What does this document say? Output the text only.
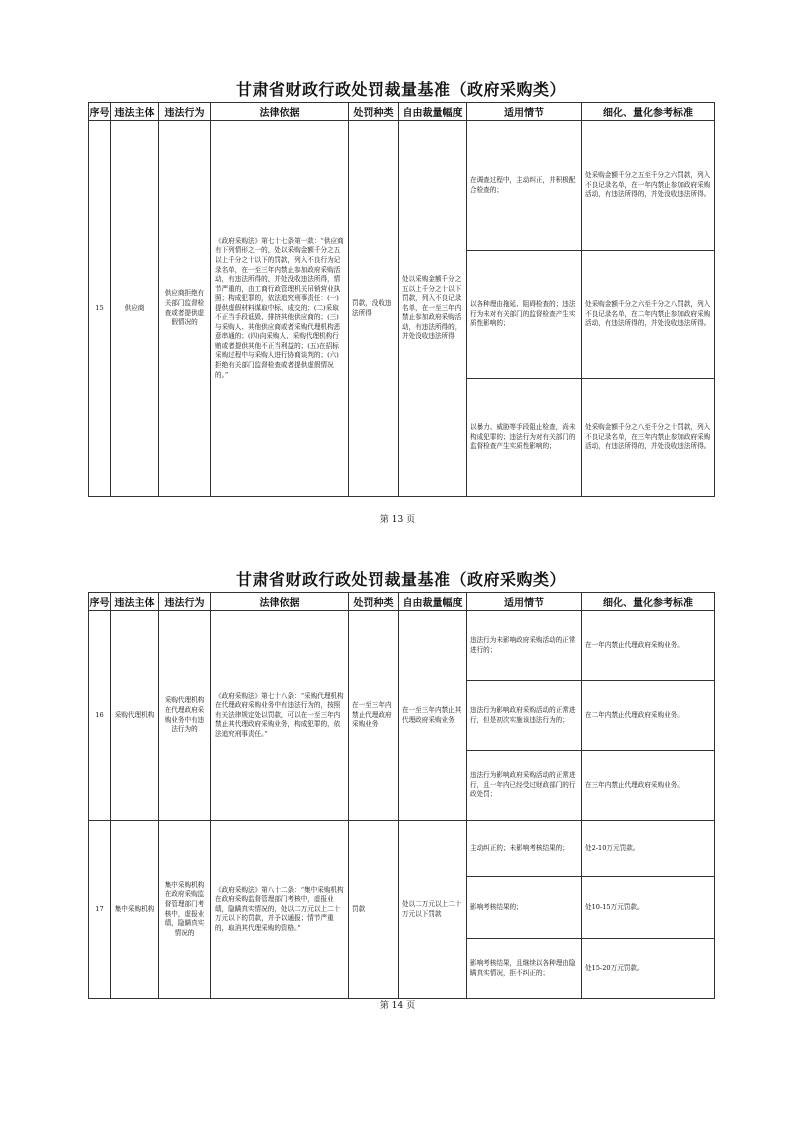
甘肃省财政行政处罚裁量基准（政府采购类）
序号	违法主体	违法行为	法律依据	处罚种类	自由裁量幅度	适用情节	细化、量化参考标准
15	供应商	供应商拒绝有关部门监督检查或者提供虚假情况的	《政府采购法》第七十七条第一款：“供应商有下列情形之一的，处以采购金额千分之五以上千分之十以下的罚款，列入不良行为记录名单，在一至三年内禁止参加政府采购活动，有违法所得的，并处没收违法所得，情节严重的，由工商行政管理机关吊销营业执照；构成犯罪的，依法追究刑事责任：(一)提供虚假材料谋取中标、成交的；(二)采取不正当手段诋毁、排挤其他供应商的；(三)与采购人、其他供应商或者采购代理机构恶意串通的；(四)向采购人、采购代理机构行贿或者提供其他不正当利益的；(五)在招标采购过程中与采购人进行协商谈判的；(六)拒绝有关部门监督检查或者提供虚假情况的。”	罚款，没收违法所得	处以采购金额千分之五以上千分之十以下罚款，列入不良记录名单，在一至三年内禁止参加政府采购活动，有违法所得的，并处没收违法所得	在调查过程中，主动纠正，并积极配合检查的；	处采购金额千分之五至千分之六罚款，列入不良记录名单，在一年内禁止参加政府采购活动，有违法所得的，并处没收违法所得。
						以各种理由拖延、阻碍检查的；违法行为未对有关部门的监督检查产生实质性影响的；	处采购金额千分之六至千分之八罚款，列入不良记录名单，在二年内禁止参加政府采购活动，有违法所得的，并处没收违法所得。
						以暴力、威胁等手段阻止检查，尚未构成犯罪的；违法行为对有关部门的监督检查产生实质性影响的；	处采购金额千分之八至千分之十罚款，列入不良记录名单，在三年内禁止参加政府采购活动，有违法所得的，并处没收违法所得。
第 13 页
甘肃省财政行政处罚裁量基准（政府采购类）
序号	违法主体	违法行为	法律依据	处罚种类	自由裁量幅度	适用情节	细化、量化参考标准
16	采购代理机构	采购代理机构在代理政府采购业务中有违法行为的	《政府采购法》第七十八条：“采购代理机构在代理政府采购业务中有违法行为的，按照有关法律规定处以罚款，可以在一至三年内禁止其代理政府采购业务，构成犯罪的，依法追究刑事责任。”	在一至三年内禁止代理政府采购业务	在一至三年内禁止其代理政府采购业务	违法行为未影响政府采购活动的正常进行的；	在一年内禁止代理政府采购业务。
						违法行为影响政府采购活动的正常进行，但是初次实施该违法行为的；	在二年内禁止代理政府采购业务。
						违法行为影响政府采购活动的正常进行，且一年内已经受过财政部门的行政处罚；	在三年内禁止代理政府采购业务。
17	集中采购机构	集中采购机构在政府采购监督管理部门考核中，虚报业绩，隐瞒真实情况的	《政府采购法》第八十二条：“集中采购机构在政府采购监督管理部门考核中，虚报业绩，隐瞒真实情况的，处以二万元以上二十万元以下的罚款，并予以通报；情节严重的，取消其代理采购的资格。”	罚款	处以二万元以上二十万元以下罚款	主动纠正的；未影响考核结果的；	处2-10万元罚款。
						影响考核结果的；	处10-15万元罚款。
						影响考核结果，且继续以各种理由隐瞒真实情况，拒不纠正的；	处15-20万元罚款。
第 14 页
